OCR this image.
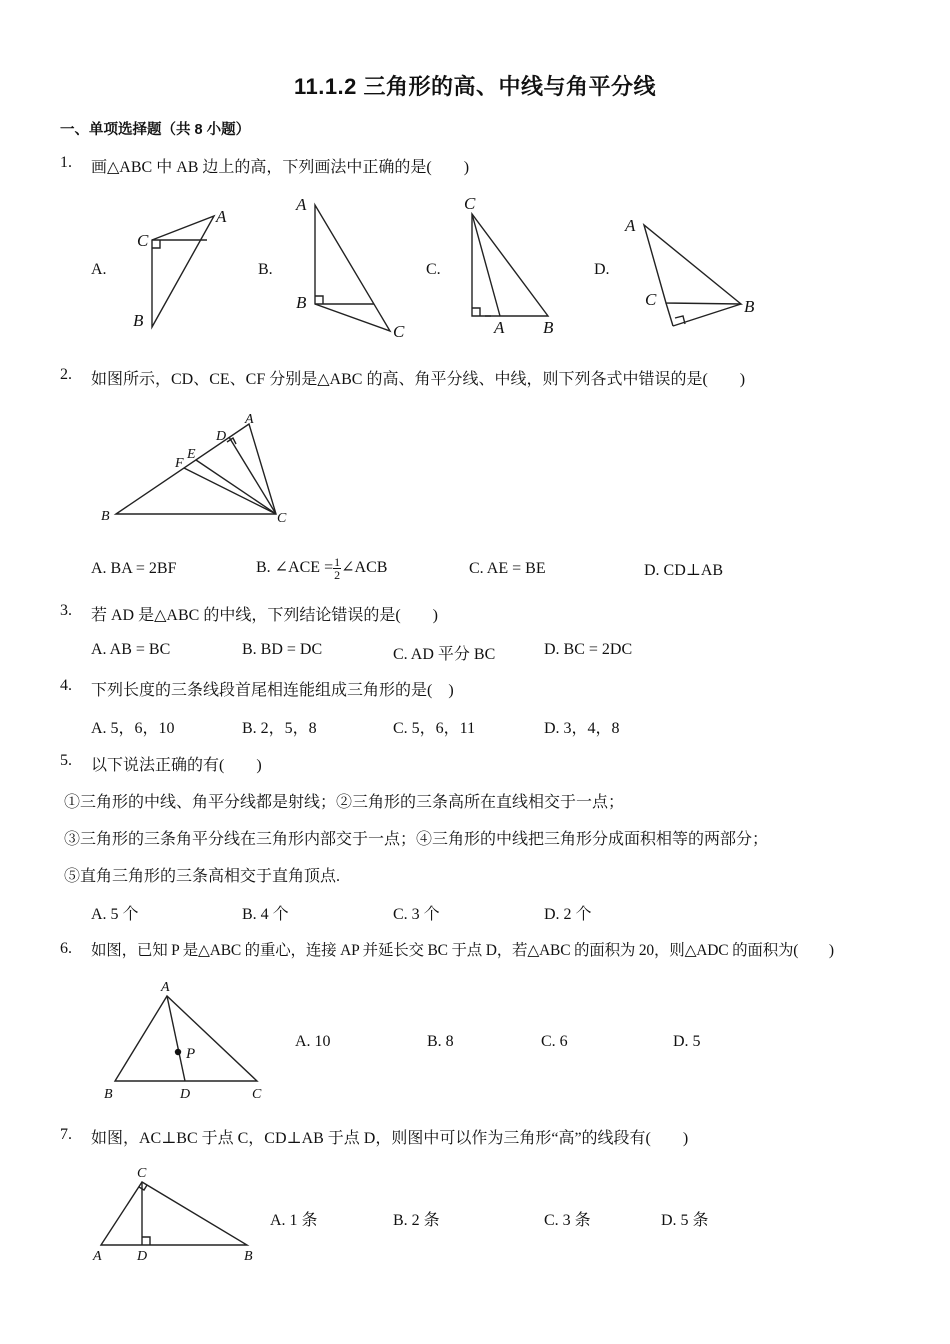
11.1.2 三角形的高、中线与角平分线
一、单项选择题（共 8 小题）
1. 画△ABC 中 AB 边上的高，下列画法中正确的是(　　)
A.	B.	C.	D.
C
A
B
A
B
C
C
A B
A
C	B
A
D
E
F
B	C
A
P
B	D	C
C
A	D	B
2. 如图所示，CD、CE、CF 分别是△ABC 的高、角平分线、中线，则下列各式中错误的是(　　)
A. BA = 2BF	B. ∠ACE = $\frac{1}{2}$ ∠ACB	C. AE = BE	D. CD⊥AB
3. 若 AD 是△ABC 的中线，下列结论错误的是(　　)
A. AB = BC	B. BD = DC	C. AD 平分 BC	D. BC = 2DC
4. 下列长度的三条线段首尾相连能组成三角形的是(　)
A. 5，6，10	B. 2，5，8	C. 5，6，11	D. 3，4，8
5. 以下说法正确的有(　　)
①三角形的中线、角平分线都是射线；②三角形的三条高所在直线相交于一点；
③三角形的三条角平分线在三角形内部交于一点；④三角形的中线把三角形分成面积相等的两部分；
⑤直角三角形的三条高相交于直角顶点.
A. 5 个	B. 4 个	C. 3 个	D. 2 个
6. 如图，已知 P 是△ABC 的重心，连接 AP 并延长交 BC 于点 D，若△ABC 的面积为 20，则△ADC 的面积为(　　)
A. 10	B. 8	C. 6	D. 5
7. 如图，AC⊥BC 于点 C，CD⊥AB 于点 D，则图中可以作为三角形“高”的线段有(　　)
A. 1 条	B. 2 条	C. 3 条	D. 5 条
